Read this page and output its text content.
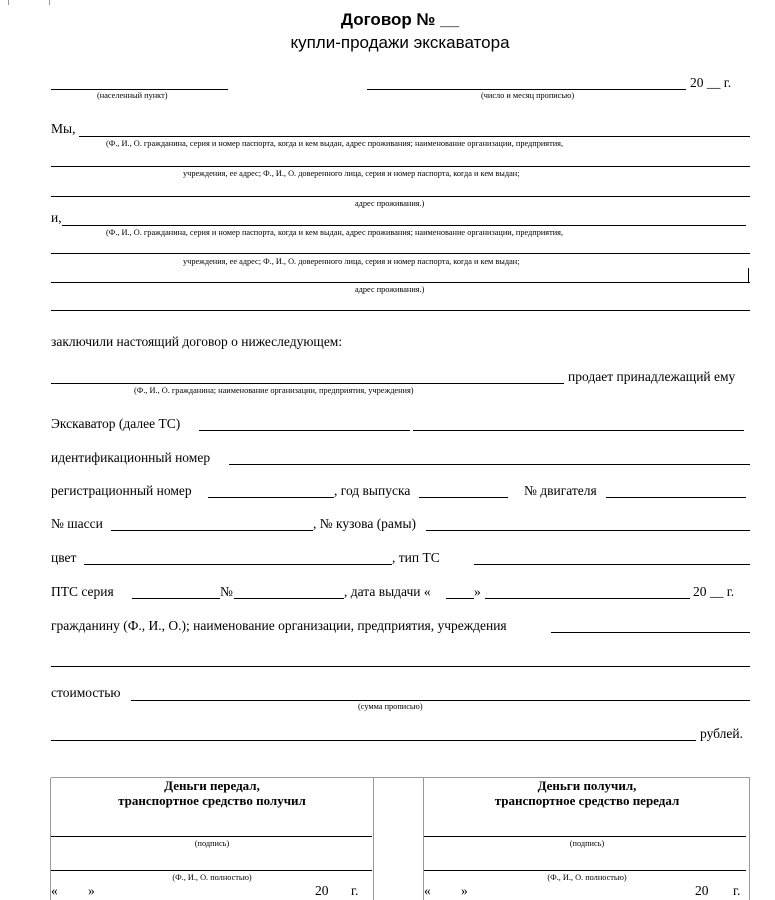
Договор № __
купли-продажи экскаватора
(населенный пункт)	(число и месяц прописью)
20 __ г.
Мы,
(Ф., И., О. гражданина, серия и номер паспорта, когда и кем выдан, адрес проживания; наименование организации, предприятия,
учреждения, ее адрес; Ф., И., О. доверенного лица, серия и номер паспорта, когда и кем выдан;
адрес проживания.)
и,
(Ф., И., О. гражданина, серия и номер паспорта, когда и кем выдан, адрес проживания; наименование организации, предприятия,
учреждения, ее адрес; Ф., И., О. доверенного лица, серия и номер паспорта, когда и кем выдан;
адрес проживания.)
заключили настоящий договор о нижеследующем:
продает принадлежащий ему
(Ф., И., О. гражданина; наименование организации, предприятия, учреждения)
Экскаватор (далее ТС)
идентификационный номер
регистрационный номер	, год выпуска	№ двигателя
№ шасси	, № кузова (рамы)
цвет	, тип ТС
ПТС серия	№	, дата выдачи «	»	20 __ г.
гражданину (Ф., И., О.); наименование организации, предприятия, учреждения
стоимостью
(сумма прописью)
рублей.
Деньги передал,
транспортное средство получил
(подпись)
(Ф., И., О. полностью)
« »	20 г.
Деньги получил,
транспортное средство передал
(подпись)
(Ф., И., О. полностью)
« »	20 г.
